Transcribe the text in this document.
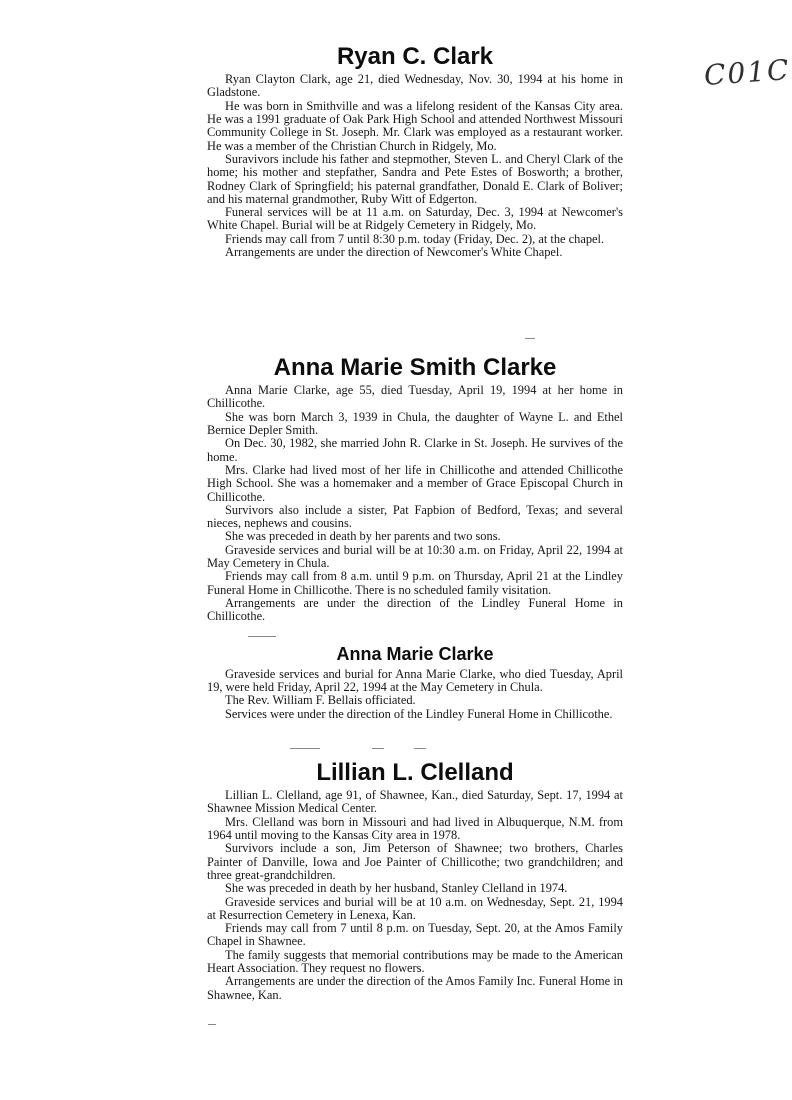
C01C
Ryan C. Clark

Ryan Clayton Clark, age 21, died Wednesday, Nov. 30, 1994 at his home in Gladstone.

He was born in Smithville and was a lifelong resident of the Kansas City area. He was a 1991 graduate of Oak Park High School and attended Northwest Missouri Community College in St. Joseph. Mr. Clark was employed as a restaurant worker. He was a member of the Christian Church in Ridgely, Mo.

Suravivors include his father and stepmother, Steven L. and Cheryl Clark of the home; his mother and stepfather, Sandra and Pete Estes of Bosworth; a brother, Rodney Clark of Springfield; his paternal grandfather, Donald E. Clark of Boliver; and his maternal grandmother, Ruby Witt of Edgerton.

Funeral services will be at 11 a.m. on Saturday, Dec. 3, 1994 at Newcomer's White Chapel. Burial will be at Ridgely Cemetery in Ridgely, Mo.

Friends may call from 7 until 8:30 p.m. today (Friday, Dec. 2), at the chapel.

Arrangements are under the direction of Newcomer's White Chapel.

Anna Marie Smith Clarke

Anna Marie Clarke, age 55, died Tuesday, April 19, 1994 at her home in Chillicothe.

She was born March 3, 1939 in Chula, the daughter of Wayne L. and Ethel Bernice Depler Smith.

On Dec. 30, 1982, she married John R. Clarke in St. Joseph. He survives of the home.

Mrs. Clarke had lived most of her life in Chillicothe and attended Chillicothe High School. She was a homemaker and a member of Grace Episcopal Church in Chillicothe.

Survivors also include a sister, Pat Fapbion of Bedford, Texas; and several nieces, nephews and cousins.

She was preceded in death by her parents and two sons.

Graveside services and burial will be at 10:30 a.m. on Friday, April 22, 1994 at May Cemetery in Chula.

Friends may call from 8 a.m. until 9 p.m. on Thursday, April 21 at the Lindley Funeral Home in Chillicothe. There is no scheduled family visitation.

Arrangements are under the direction of the Lindley Funeral Home in Chillicothe.

Anna Marie Clarke

Graveside services and burial for Anna Marie Clarke, who died Tuesday, April 19, were held Friday, April 22, 1994 at the May Cemetery in Chula.

The Rev. William F. Bellais officiated.

Services were under the direction of the Lindley Funeral Home in Chillicothe.

Lillian L. Clelland

Lillian L. Clelland, age 91, of Shawnee, Kan., died Saturday, Sept. 17, 1994 at Shawnee Mission Medical Center.

Mrs. Clelland was born in Missouri and had lived in Albuquerque, N.M. from 1964 until moving to the Kansas City area in 1978.

Survivors include a son, Jim Peterson of Shawnee; two brothers, Charles Painter of Danville, Iowa and Joe Painter of Chillicothe; two grandchildren; and three great-grandchildren.

She was preceded in death by her husband, Stanley Clelland in 1974.

Graveside services and burial will be at 10 a.m. on Wednesday, Sept. 21, 1994 at Resurrection Cemetery in Lenexa, Kan.

Friends may call from 7 until 8 p.m. on Tuesday, Sept. 20, at the Amos Family Chapel in Shawnee.

The family suggests that memorial contributions may be made to the American Heart Association. They request no flowers.

Arrangements are under the direction of the Amos Family Inc. Funeral Home in Shawnee, Kan.
